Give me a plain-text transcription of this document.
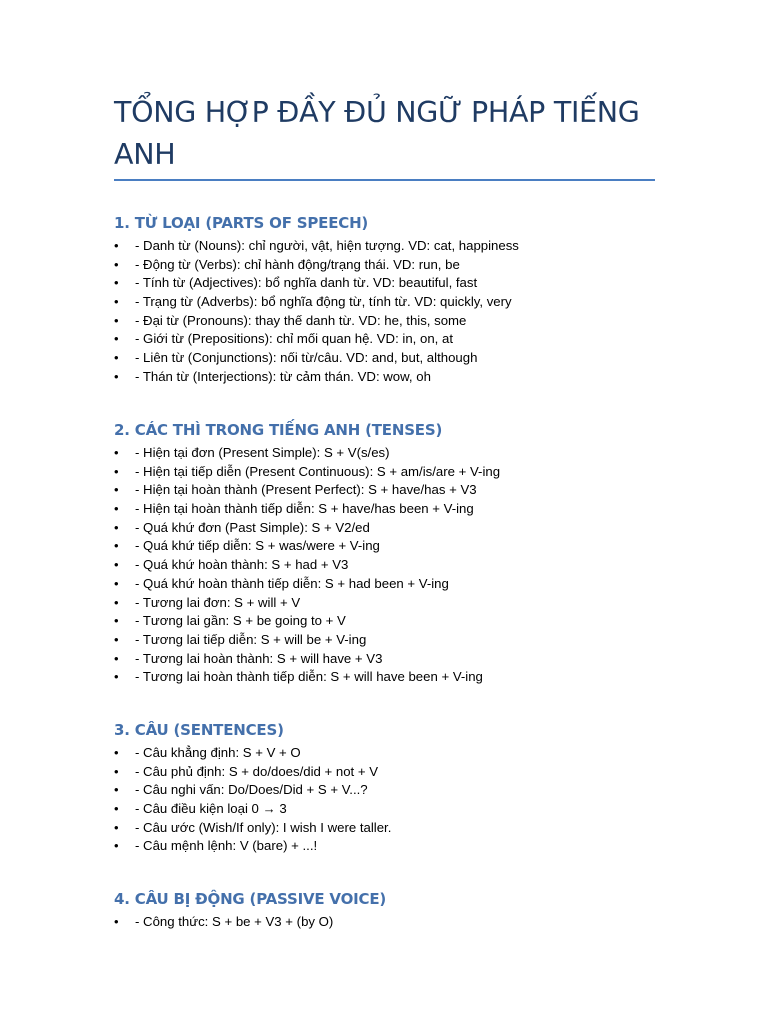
TỔNG HỢP ĐẦY ĐỦ NGỮ PHÁP TIẾNG ANH
1. TỪ LOẠI (PARTS OF SPEECH)
• - Danh từ (Nouns): chỉ người, vật, hiện tượng. VD: cat, happiness
• - Động từ (Verbs): chỉ hành động/trạng thái. VD: run, be
• - Tính từ (Adjectives): bổ nghĩa danh từ. VD: beautiful, fast
• - Trạng từ (Adverbs): bổ nghĩa động từ, tính từ. VD: quickly, very
• - Đại từ (Pronouns): thay thế danh từ. VD: he, this, some
• - Giới từ (Prepositions): chỉ mối quan hệ. VD: in, on, at
• - Liên từ (Conjunctions): nối từ/câu. VD: and, but, although
• - Thán từ (Interjections): từ cảm thán. VD: wow, oh
2. CÁC THÌ TRONG TIẾNG ANH (TENSES)
• - Hiện tại đơn (Present Simple): S + V(s/es)
• - Hiện tại tiếp diễn (Present Continuous): S + am/is/are + V-ing
• - Hiện tại hoàn thành (Present Perfect): S + have/has + V3
• - Hiện tại hoàn thành tiếp diễn: S + have/has been + V-ing
• - Quá khứ đơn (Past Simple): S + V2/ed
• - Quá khứ tiếp diễn: S + was/were + V-ing
• - Quá khứ hoàn thành: S + had + V3
• - Quá khứ hoàn thành tiếp diễn: S + had been + V-ing
• - Tương lai đơn: S + will + V
• - Tương lai gần: S + be going to + V
• - Tương lai tiếp diễn: S + will be + V-ing
• - Tương lai hoàn thành: S + will have + V3
• - Tương lai hoàn thành tiếp diễn: S + will have been + V-ing
3. CÂU (SENTENCES)
• - Câu khẳng định: S + V + O
• - Câu phủ định: S + do/does/did + not + V
• - Câu nghi vấn: Do/Does/Did + S + V...?
• - Câu điều kiện loại 0 → 3
• - Câu ước (Wish/If only): I wish I were taller.
• - Câu mệnh lệnh: V (bare) + ...!
4. CÂU BỊ ĐỘNG (PASSIVE VOICE)
• - Công thức: S + be + V3 + (by O)
